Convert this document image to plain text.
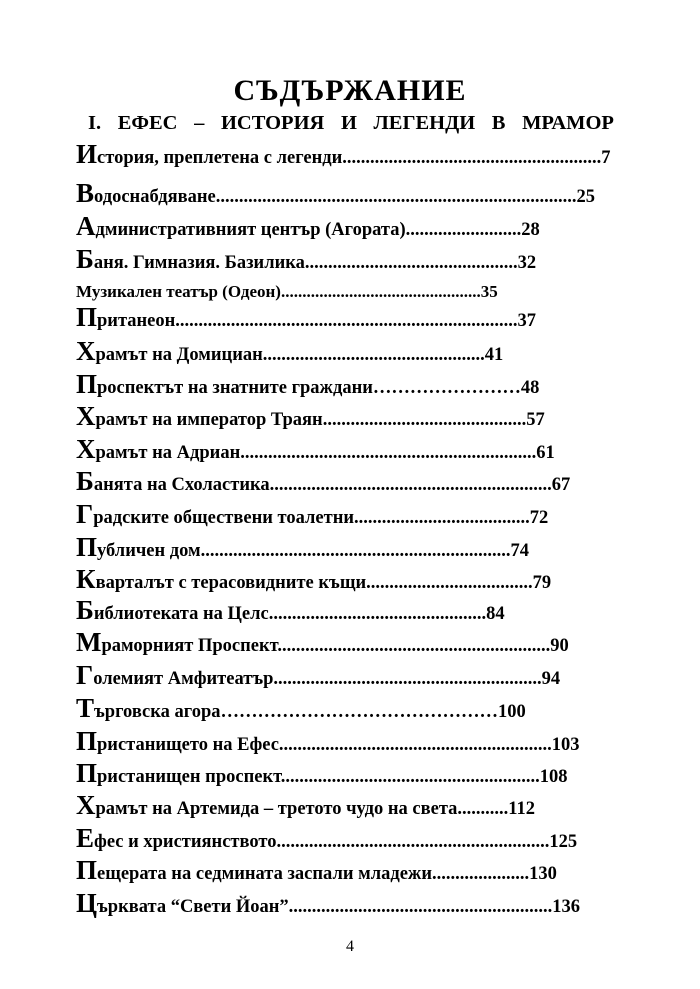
СЪДЪРЖАНИЕ
I. ЕФЕС – ИСТОРИЯ И ЛЕГЕНДИ В МРАМОР
История, преплетена с легенди........................................................7
Водоснабдяване..............................................................................25
Административният център (Агората).........................28
Баня. Гимназия. Базилика..............................................32
Музикален театър (Одеон)...............................................35
Пританеон..........................................................................37
Храмът на Домициан................................................41
Проспектът на знатните граждани……………………48
Храмът на император Траян............................................57
Храмът на Адриан................................................................61
Банята на Схоластика.............................................................67
Градските обществени тоалетни......................................72
Публичен дом...................................................................74
Кварталът с терасовидните къщи....................................79
Библиотеката на Целс...............................................84
Мраморният Проспект...........................................................90
Големият Амфитеатър..........................................................94
Търговска агора………………………………………100
Пристанището на Ефес...........................................................103
Пристанищен проспект........................................................108
Храмът на Артемида – третото чудо на света...........112
Ефес и християнството...........................................................125
Пещерата на седмината заспали младежи.....................130
Църквата “Свети Йоан”.........................................................136
4
